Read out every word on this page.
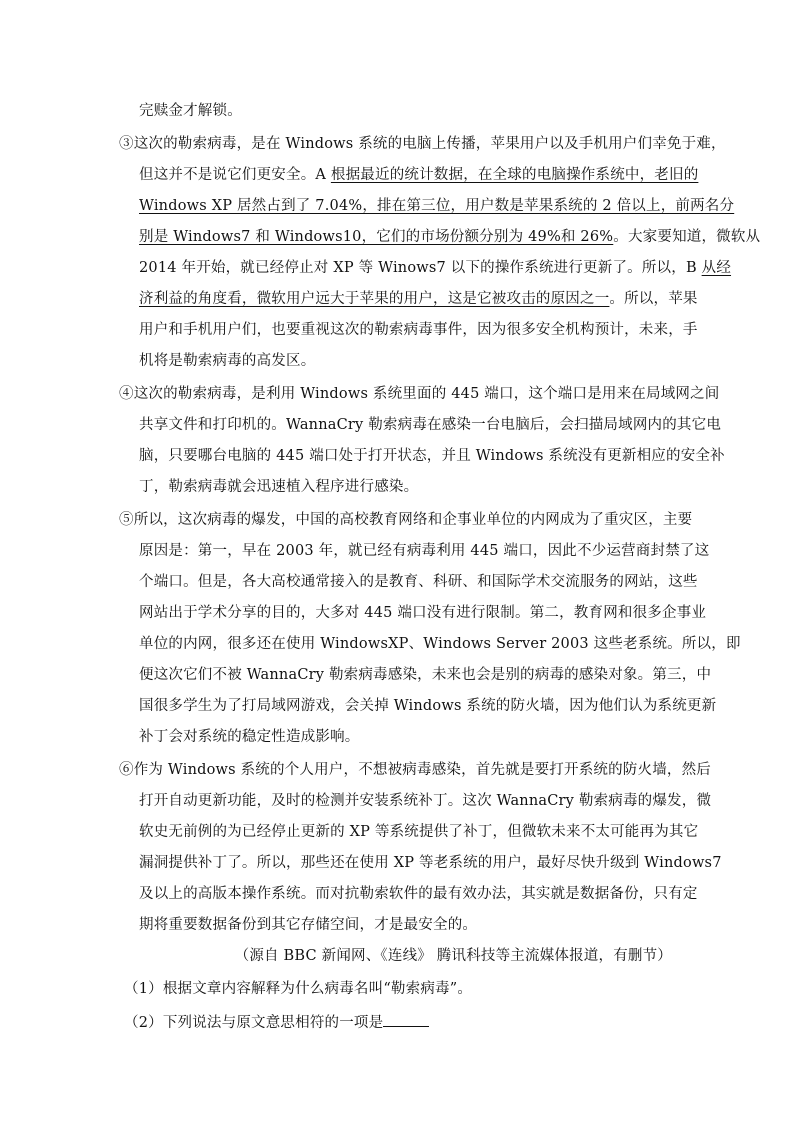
完赎金才解锁。
③这次的勒索病毒，是在 Windows 系统的电脑上传播，苹果用户以及手机用户们幸免于难，
但这并不是说它们更安全。A 根据最近的统计数据，在全球的电脑操作系统中，老旧的
Windows XP 居然占到了 7.04%，排在第三位，用户数是苹果系统的 2 倍以上，前两名分
别是 Windows7 和 Windows10，它们的市场份额分别为 49%和 26%。大家要知道，微软从
2014 年开始，就已经停止对 XP 等 Winows7 以下的操作系统进行更新了。所以，B 从经
济利益的角度看，微软用户远大于苹果的用户，这是它被攻击的原因之一。所以，苹果
用户和手机用户们，也要重视这次的勒索病毒事件，因为很多安全机构预计，未来，手
机将是勒索病毒的高发区。
④这次的勒索病毒，是利用 Windows 系统里面的 445 端口，这个端口是用来在局域网之间
共享文件和打印机的。WannaCry 勒索病毒在感染一台电脑后，会扫描局域网内的其它电
脑，只要哪台电脑的 445 端口处于打开状态，并且 Windows 系统没有更新相应的安全补
丁，勒索病毒就会迅速植入程序进行感染。
⑤所以，这次病毒的爆发，中国的高校教育网络和企事业单位的内网成为了重灾区，主要
原因是：第一，早在 2003 年，就已经有病毒利用 445 端口，因此不少运营商封禁了这
个端口。但是，各大高校通常接入的是教育、科研、和国际学术交流服务的网站，这些
网站出于学术分享的目的，大多对 445 端口没有进行限制。第二，教育网和很多企事业
单位的内网，很多还在使用 WindowsXP、Windows Server 2003 这些老系统。所以，即
便这次它们不被 WannaCry 勒索病毒感染，未来也会是别的病毒的感染对象。第三，中
国很多学生为了打局域网游戏，会关掉 Windows 系统的防火墙，因为他们认为系统更新
补丁会对系统的稳定性造成影响。
⑥作为 Windows 系统的个人用户，不想被病毒感染，首先就是要打开系统的防火墙，然后
打开自动更新功能，及时的检测并安装系统补丁。这次 WannaCry 勒索病毒的爆发，微
软史无前例的为已经停止更新的 XP 等系统提供了补丁，但微软未来不太可能再为其它
漏洞提供补丁了。所以，那些还在使用 XP 等老系统的用户，最好尽快升级到 Windows7
及以上的高版本操作系统。而对抗勒索软件的最有效办法，其实就是数据备份，只有定
期将重要数据备份到其它存储空间，才是最安全的。
（源自 BBC 新闻网、《连线》 腾讯科技等主流媒体报道，有删节）
（1）根据文章内容解释为什么病毒名叫“勒索病毒”。
（2）下列说法与原文意思相符的一项是
